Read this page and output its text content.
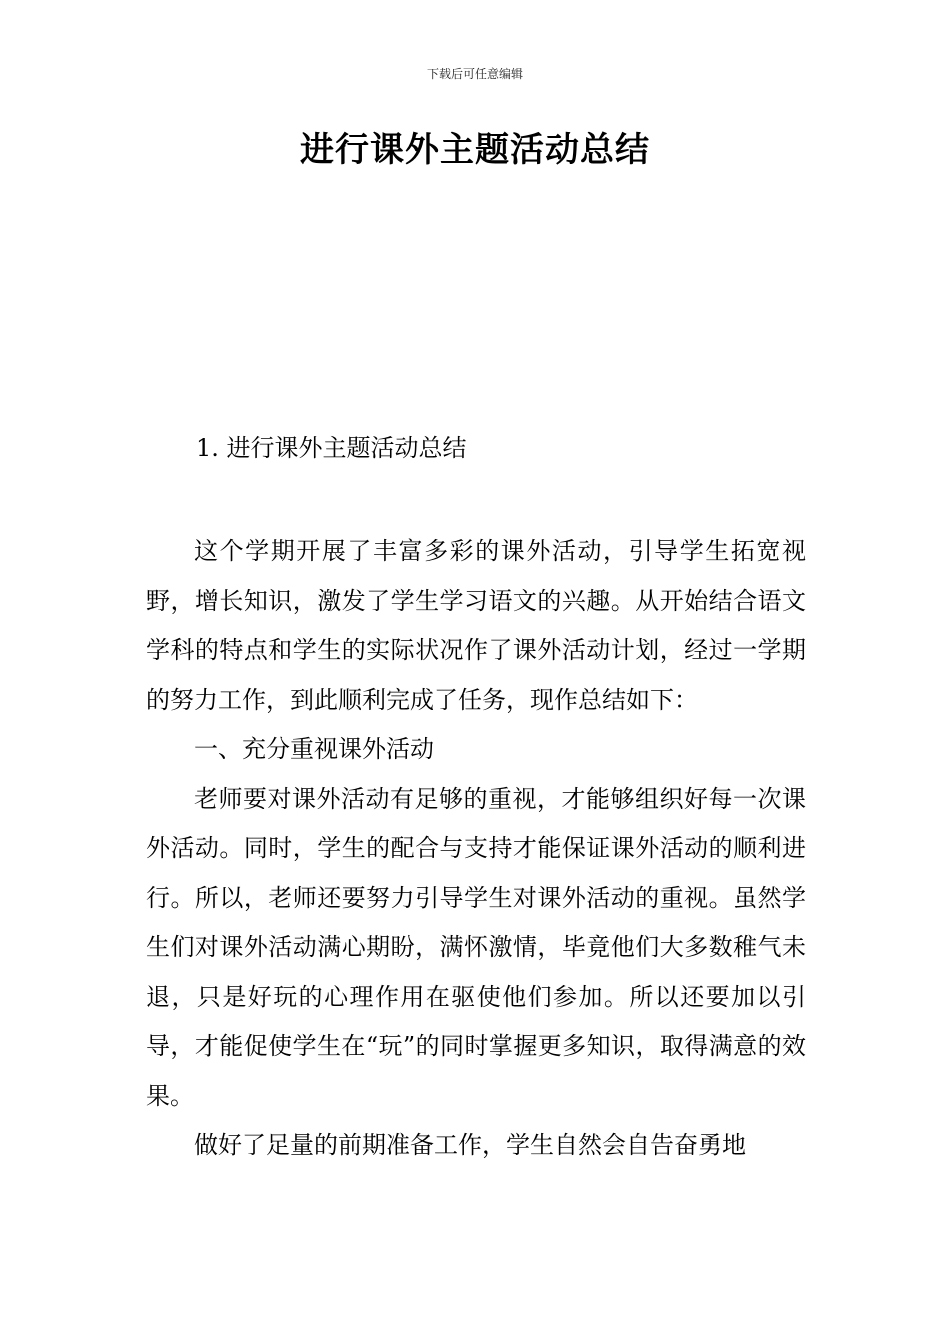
下载后可任意编辑
进行课外主题活动总结
1. 进行课外主题活动总结

这个学期开展了丰富多彩的课外活动，引导学生拓宽视野，增长知识，激发了学生学习语文的兴趣。从开始结合语文学科的特点和学生的实际状况作了课外活动计划，经过一学期的努力工作，到此顺利完成了任务，现作总结如下：

一、充分重视课外活动

老师要对课外活动有足够的重视，才能够组织好每一次课外活动。同时，学生的配合与支持才能保证课外活动的顺利进行。所以，老师还要努力引导学生对课外活动的重视。虽然学生们对课外活动满心期盼，满怀激情，毕竟他们大多数稚气未退，只是好玩的心理作用在驱使他们参加。所以还要加以引导，才能促使学生在“玩”的同时掌握更多知识，取得满意的效果。

做好了足量的前期准备工作，学生自然会自告奋勇地
